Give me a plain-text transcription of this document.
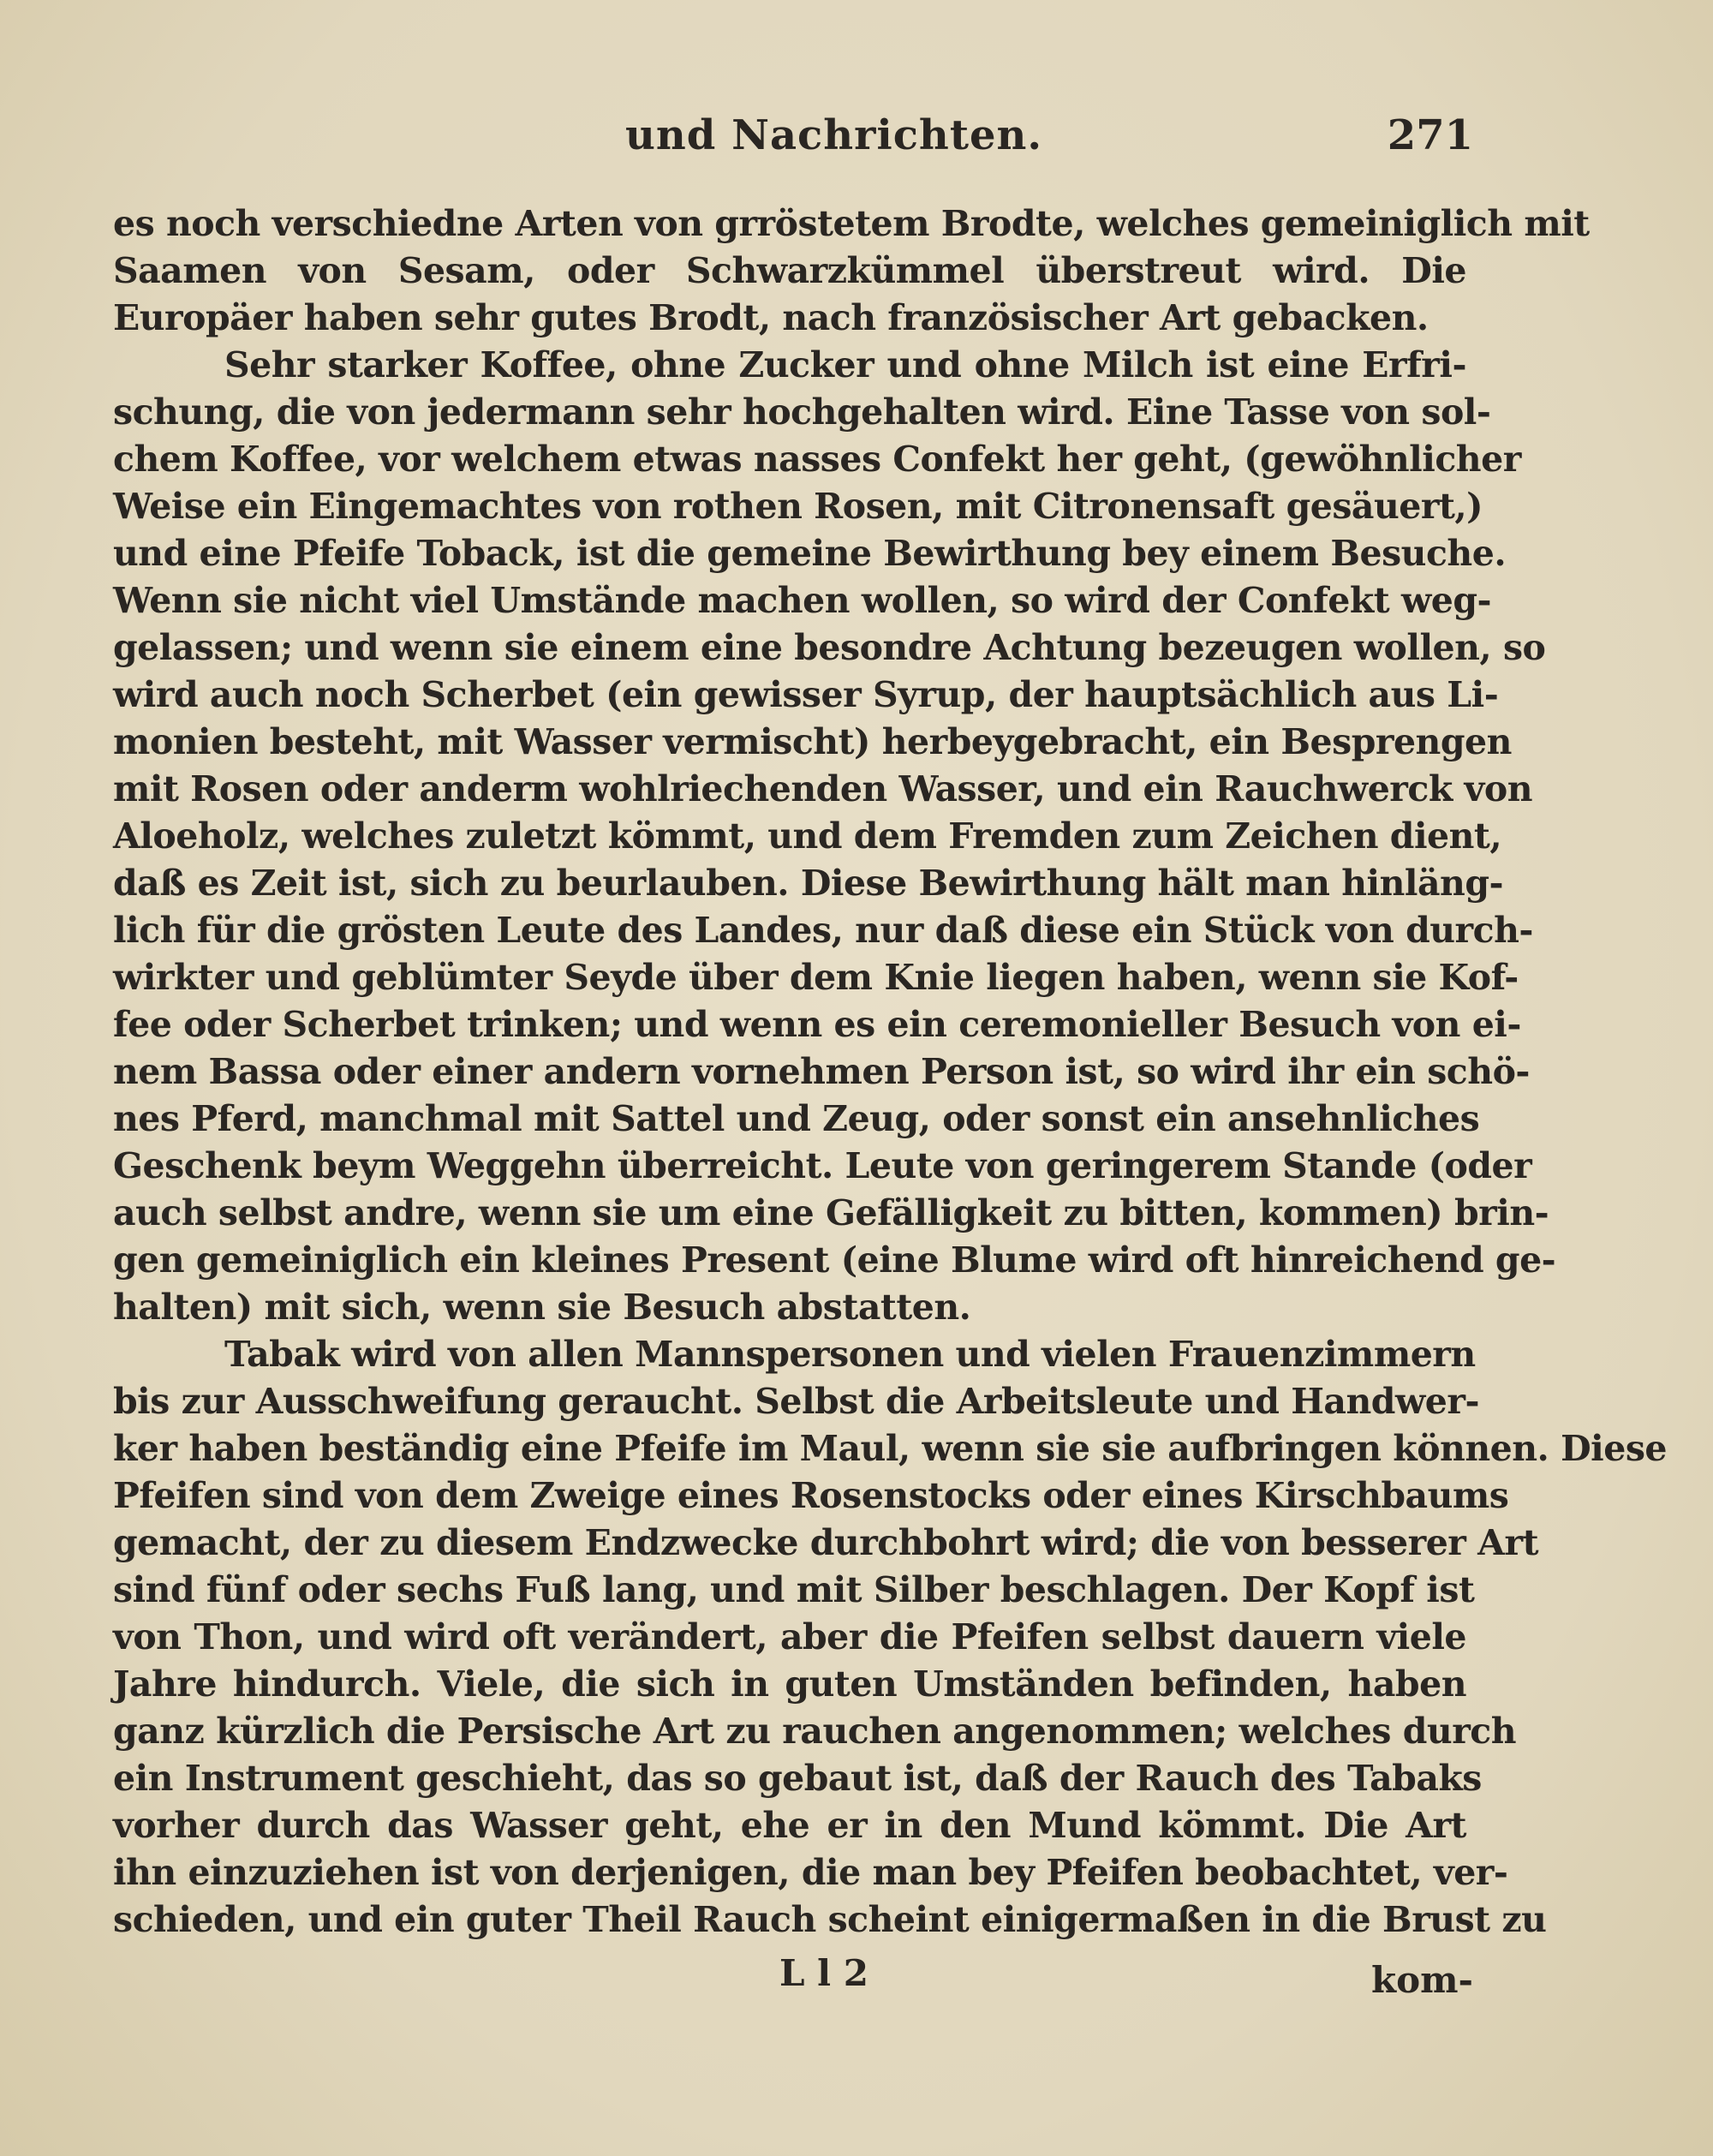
und Nachrichten.	271
es noch verschiedne Arten von grröstetem Brodte, welches gemeiniglich mit
Saamen von Sesam, oder Schwarzkümmel überstreut wird. Die
Europäer haben sehr gutes Brodt, nach französischer Art gebacken.
Sehr starker Koffee, ohne Zucker und ohne Milch ist eine Erfri-
schung, die von jedermann sehr hochgehalten wird. Eine Tasse von sol-
chem Koffee, vor welchem etwas nasses Confekt her geht, (gewöhnlicher
Weise ein Eingemachtes von rothen Rosen, mit Citronensaft gesäuert,)
und eine Pfeife Toback, ist die gemeine Bewirthung bey einem Besuche.
Wenn sie nicht viel Umstände machen wollen, so wird der Confekt weg-
gelassen; und wenn sie einem eine besondre Achtung bezeugen wollen, so
wird auch noch Scherbet (ein gewisser Syrup, der hauptsächlich aus Li-
monien besteht, mit Wasser vermischt) herbeygebracht, ein Besprengen
mit Rosen oder anderm wohlriechenden Wasser, und ein Rauchwerck von
Aloeholz, welches zuletzt kömmt, und dem Fremden zum Zeichen dient,
daß es Zeit ist, sich zu beurlauben. Diese Bewirthung hält man hinläng-
lich für die grösten Leute des Landes, nur daß diese ein Stück von durch-
wirkter und geblümter Seyde über dem Knie liegen haben, wenn sie Kof-
fee oder Scherbet trinken; und wenn es ein ceremonieller Besuch von ei-
nem Bassa oder einer andern vornehmen Person ist, so wird ihr ein schö-
nes Pferd, manchmal mit Sattel und Zeug, oder sonst ein ansehnliches
Geschenk beym Weggehn überreicht. Leute von geringerem Stande (oder
auch selbst andre, wenn sie um eine Gefälligkeit zu bitten, kommen) brin-
gen gemeiniglich ein kleines Present (eine Blume wird oft hinreichend ge-
halten) mit sich, wenn sie Besuch abstatten.
Tabak wird von allen Mannspersonen und vielen Frauenzimmern
bis zur Ausschweifung geraucht. Selbst die Arbeitsleute und Handwer-
ker haben beständig eine Pfeife im Maul, wenn sie sie aufbringen können. Diese
Pfeifen sind von dem Zweige eines Rosenstocks oder eines Kirschbaums
gemacht, der zu diesem Endzwecke durchbohrt wird; die von besserer Art
sind fünf oder sechs Fuß lang, und mit Silber beschlagen. Der Kopf ist
von Thon, und wird oft verändert, aber die Pfeifen selbst dauern viele
Jahre hindurch. Viele, die sich in guten Umständen befinden, haben
ganz kürzlich die Persische Art zu rauchen angenommen; welches durch
ein Instrument geschieht, das so gebaut ist, daß der Rauch des Tabaks
vorher durch das Wasser geht, ehe er in den Mund kömmt. Die Art
ihn einzuziehen ist von derjenigen, die man bey Pfeifen beobachtet, ver-
schieden, und ein guter Theil Rauch scheint einigermaßen in die Brust zu
L l 2	kom-
